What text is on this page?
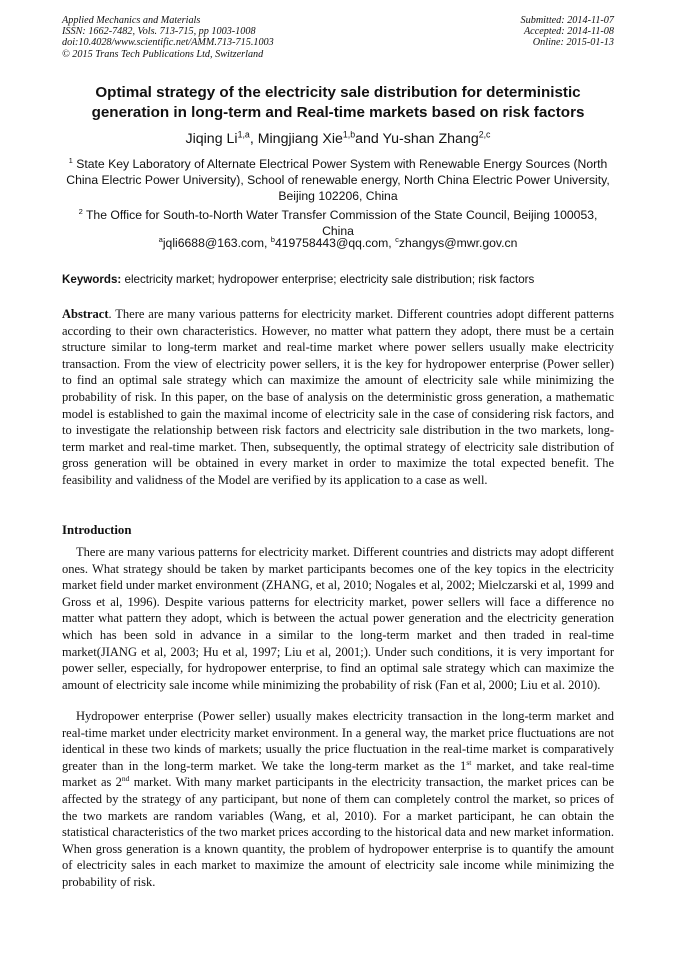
Applied Mechanics and Materials
ISSN: 1662-7482, Vols. 713-715, pp 1003-1008
doi:10.4028/www.scientific.net/AMM.713-715.1003
© 2015 Trans Tech Publications Ltd, Switzerland
Submitted: 2014-11-07
Accepted: 2014-11-08
Online: 2015-01-13
Optimal strategy of the electricity sale distribution for deterministic
generation in long-term and Real-time markets based on risk factors
Jiqing Li$^{1,a}$, Mingjiang Xie$^{1,b}$and Yu-shan Zhang$^{2,c}$
$^1$ State Key Laboratory of Alternate Electrical Power System with Renewable Energy Sources (North China Electric Power University), School of renewable energy, North China Electric Power University, Beijing 102206, China
$^2$ The Office for South-to-North Water Transfer Commission of the State Council, Beijing 100053, China
$^a$jqli6688@163.com, $^b$419758443@qq.com, $^c$zhangys@mwr.gov.cn
Keywords: electricity market; hydropower enterprise; electricity sale distribution; risk factors

Abstract. There are many various patterns for electricity market. Different countries adopt different patterns according to their own characteristics. However, no matter what pattern they adopt, there must be a certain structure similar to long-term market and real-time market where power sellers usually make electricity transaction. From the view of electricity power sellers, it is the key for hydropower enterprise (Power seller) to find an optimal sale strategy which can maximize the amount of electricity sale while minimizing the probability of risk. In this paper, on the base of analysis on the deterministic gross generation, a mathematic model is established to gain the maximal income of electricity sale in the case of considering risk factors, and to investigate the relationship between risk factors and electricity sale distribution in the two markets, long-term market and real-time market. Then, subsequently, the optimal strategy of electricity sale distribution of gross generation will be obtained in every market in order to maximize the total expected benefit. The feasibility and validness of the Model are verified by its application to a case as well.

Introduction

There are many various patterns for electricity market. Different countries and districts may adopt different ones. What strategy should be taken by market participants becomes one of the key topics in the electricity market field under market environment (ZHANG, et al, 2010; Nogales et al, 2002; Mielczarski et al, 1999 and Gross et al, 1996). Despite various patterns for electricity market, power sellers will face a difference no matter what pattern they adopt, which is between the actual power generation and the electricity generation which has been sold in advance in a similar to the long-term market and then traded in real-time market(JIANG et al, 2003; Hu et al, 1997; Liu et al, 2001;). Under such conditions, it is very important for power seller, especially, for hydropower enterprise, to find an optimal sale strategy which can maximize the amount of electricity sale income while minimizing the probability of risk (Fan et al, 2000; Liu et al. 2010).

Hydropower enterprise (Power seller) usually makes electricity transaction in the long-term market and real-time market under electricity market environment. In a general way, the market price fluctuations are not identical in these two kinds of markets; usually the price fluctuation in the real-time market is comparatively greater than in the long-term market. We take the long-term market as the 1st market, and take real-time market as 2nd market. With many market participants in the electricity transaction, the market prices can be affected by the strategy of any participant, but none of them can completely control the market, so prices of the two markets are random variables (Wang, et al, 2010). For a market participant, he can obtain the statistical characteristics of the two market prices according to the historical data and new market information. When gross generation is a known quantity, the problem of hydropower enterprise is to quantify the amount of electricity sales in each market to maximize the amount of electricity sale income while minimizing the probability of risk.
